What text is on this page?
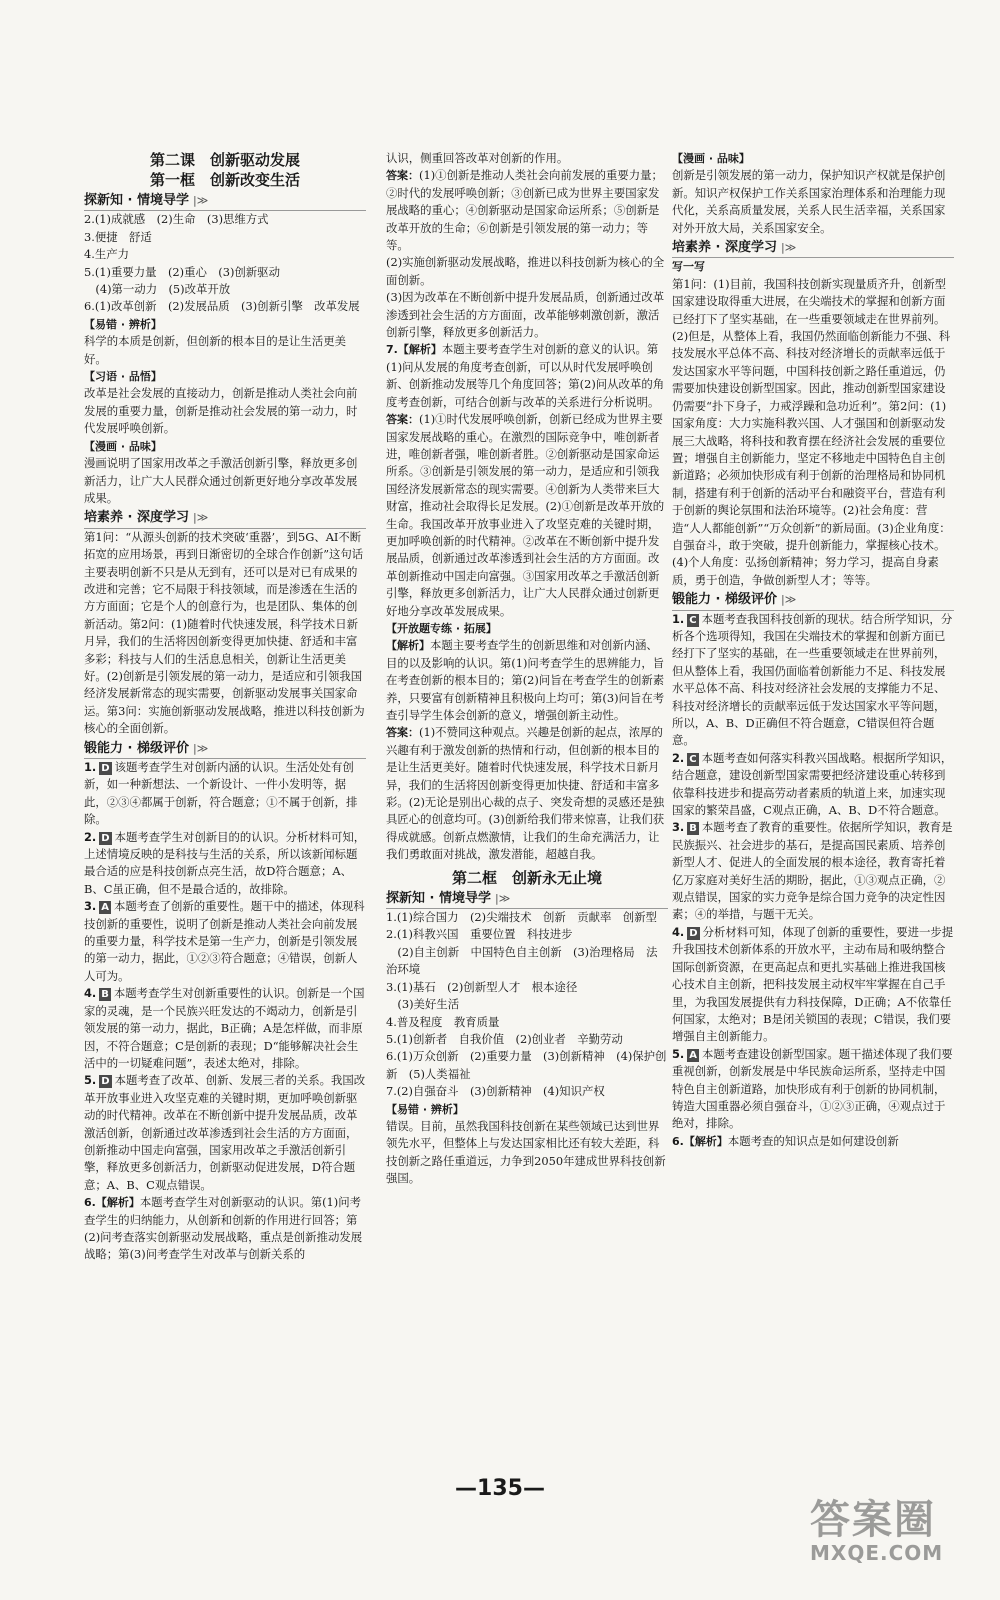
第二课　创新驱动发展
第一框　创新改变生活
探新知 · 情境导学 |≫

2.(1)成就感　(2)生命　(3)思维方式

3.便捷　舒适

4.生产力

5.(1)重要力量　(2)重心　(3)创新驱动

　(4)第一动力　(5)改革开放

6.(1)改革创新　(2)发展品质　(3)创新引擎　改革发展

【易错 · 辨析】

科学的本质是创新，但创新的根本目的是让生活更美好。

【习语 · 品悟】

改革是社会发展的直接动力，创新是推动人类社会向前发展的重要力量，创新是推动社会发展的第一动力，时代发展呼唤创新。

【漫画 · 品味】

漫画说明了国家用改革之手激活创新引擎，释放更多创新活力，让广大人民群众通过创新更好地分享改革发展成果。

培素养 · 深度学习 |≫

第1问：“从源头创新的技术突破‘重器’，到5G、AI不断拓宽的应用场景，再到日渐密切的全球合作创新”这句话主要表明创新不只是从无到有，还可以是对已有成果的改进和完善；它不局限于科技领域，而是渗透在生活的方方面面；它是个人的创意行为，也是团队、集体的创新活动。第2问：(1)随着时代快速发展，科学技术日新月异，我们的生活将因创新变得更加快捷、舒适和丰富多彩；科技与人们的生活息息相关，创新让生活更美好。(2)创新是引领发展的第一动力，是适应和引领我国经济发展新常态的现实需要，创新驱动发展事关国家命运。第3问：实施创新驱动发展战略，推进以科技创新为核心的全面创新。

锻能力 · 梯级评价 |≫

1. D 该题考查学生对创新内涵的认识。生活处处有创新，如一种新想法、一个新设计、一件小发明等，据此，②③④都属于创新，符合题意；①不属于创新，排除。

2. D 本题考查学生对创新目的的认识。分析材料可知，上述情境反映的是科技与生活的关系，所以该新闻标题最合适的应是科技创新点亮生活，故D符合题意；A、B、C虽正确，但不是最合适的，故排除。

3. A 本题考查了创新的重要性。题干中的描述，体现科技创新的重要性，说明了创新是推动人类社会向前发展的重要力量，科学技术是第一生产力，创新是引领发展的第一动力，据此，①②③符合题意；④错误，创新人人可为。

4. B 本题考查学生对创新重要性的认识。创新是一个国家的灵魂，是一个民族兴旺发达的不竭动力，创新是引领发展的第一动力，据此，B正确；A是怎样做，而非原因，不符合题意；C是创新的表现；D“能够解决社会生活中的一切疑难问题”，表述太绝对，排除。

5. D 本题考查了改革、创新、发展三者的关系。我国改革开放事业进入攻坚克难的关键时期，更加呼唤创新驱动的时代精神。改革在不断创新中提升发展品质，改革激活创新，创新通过改革渗透到社会生活的方方面面，创新推动中国走向富强，国家用改革之手激活创新引擎，释放更多创新活力，创新驱动促进发展，D符合题意；A、B、C观点错误。

6.【解析】本题考查学生对创新驱动的认识。第(1)问考查学生的归纳能力，从创新和创新的作用进行回答；第(2)问考查落实创新驱动发展战略，重点是创新推动发展战略；第(3)问考查学生对改革与创新关系的

认识，侧重回答改革对创新的作用。

答案：(1)①创新是推动人类社会向前发展的重要力量；②时代的发展呼唤创新；③创新已成为世界主要国家发展战略的重心；④创新驱动是国家命运所系；⑤创新是改革开放的生命；⑥创新是引领发展的第一动力；等等。

(2)实施创新驱动发展战略，推进以科技创新为核心的全面创新。

(3)因为改革在不断创新中提升发展品质，创新通过改革渗透到社会生活的方方面面，改革能够刺激创新，激活创新引擎，释放更多创新活力。

7.【解析】本题主要考查学生对创新的意义的认识。第(1)问从发展的角度考查创新，可以从时代发展呼唤创新、创新推动发展等几个角度回答；第(2)问从改革的角度考查创新，可结合创新与改革的关系进行分析说明。

答案：(1)①时代发展呼唤创新，创新已经成为世界主要国家发展战略的重心。在激烈的国际竞争中，唯创新者进，唯创新者强，唯创新者胜。②创新驱动是国家命运所系。③创新是引领发展的第一动力，是适应和引领我国经济发展新常态的现实需要。④创新为人类带来巨大财富，推动社会取得长足发展。(2)①创新是改革开放的生命。我国改革开放事业进入了攻坚克难的关键时期，更加呼唤创新的时代精神。②改革在不断创新中提升发展品质，创新通过改革渗透到社会生活的方方面面。改革创新推动中国走向富强。③国家用改革之手激活创新引擎，释放更多创新活力，让广大人民群众通过创新更好地分享改革发展成果。

【开放题专练 · 拓展】

【解析】本题主要考查学生的创新思维和对创新内涵、目的以及影响的认识。第(1)问考查学生的思辨能力，旨在考查创新的根本目的；第(2)问旨在考查学生的创新素养，只要富有创新精神且积极向上均可；第(3)问旨在考查引导学生体会创新的意义，增强创新主动性。

答案：(1)不赞同这种观点。兴趣是创新的起点，浓厚的兴趣有利于激发创新的热情和行动，但创新的根本目的是让生活更美好。随着时代快速发展，科学技术日新月异，我们的生活将因创新变得更加快捷、舒适和丰富多彩。(2)无论是别出心裁的点子、突发奇想的灵感还是独具匠心的创意均可。(3)创新给我们带来惊喜，让我们获得成就感。创新点燃激情，让我们的生命充满活力，让我们勇敢面对挑战，激发潜能，超越自我。

第二框　创新永无止境
探新知 · 情境导学 |≫

1.(1)综合国力　(2)尖端技术　创新　贡献率　创新型

2.(1)科教兴国　重要位置　科技进步

　(2)自主创新　中国特色自主创新　(3)治理格局　法治环境

3.(1)基石　(2)创新型人才　根本途径

　(3)美好生活

4.普及程度　教育质量

5.(1)创新者　自我价值　(2)创业者　辛勤劳动

6.(1)万众创新　(2)重要力量　(3)创新精神　(4)保护创新　(5)人类福祉

7.(2)自强奋斗　(3)创新精神　(4)知识产权

【易错 · 辨析】

错误。目前，虽然我国科技创新在某些领域已达到世界领先水平，但整体上与发达国家相比还有较大差距，科技创新之路任重道远，力争到2050年建成世界科技创新强国。

【漫画 · 品味】

创新是引领发展的第一动力，保护知识产权就是保护创新。知识产权保护工作关系国家治理体系和治理能力现代化，关系高质量发展，关系人民生活幸福，关系国家对外开放大局，关系国家安全。

培素养 · 深度学习 |≫
写一写

第1问：(1)目前，我国科技创新实现量质齐升，创新型国家建设取得重大进展，在尖端技术的掌握和创新方面已经打下了坚实基础，在一些重要领域走在世界前列。(2)但是，从整体上看，我国仍然面临创新能力不强、科技发展水平总体不高、科技对经济增长的贡献率远低于发达国家水平等问题，中国科技创新之路任重道远，仍需要加快建设创新型国家。因此，推动创新型国家建设仍需要“扑下身子，力戒浮躁和急功近利”。第2问：(1)国家角度：大力实施科教兴国、人才强国和创新驱动发展三大战略，将科技和教育摆在经济社会发展的重要位置；增强自主创新能力，坚定不移地走中国特色自主创新道路；必须加快形成有利于创新的治理格局和协同机制，搭建有利于创新的活动平台和融资平台，营造有利于创新的舆论氛围和法治环境等。(2)社会角度：营造“人人都能创新”“万众创新”的新局面。(3)企业角度：自强奋斗，敢于突破，提升创新能力，掌握核心技术。(4)个人角度：弘扬创新精神；努力学习，提高自身素质，勇于创造，争做创新型人才；等等。

锻能力 · 梯级评价 |≫

1. C 本题考查我国科技创新的现状。结合所学知识，分析各个选项得知，我国在尖端技术的掌握和创新方面已经打下了坚实的基础，在一些重要领域走在世界前列，但从整体上看，我国仍面临着创新能力不足、科技发展水平总体不高、科技对经济社会发展的支撑能力不足、科技对经济增长的贡献率远低于发达国家水平等问题，所以，A、B、D正确但不符合题意，C错误但符合题意。

2. C 本题考查如何落实科教兴国战略。根据所学知识，结合题意，建设创新型国家需要把经济建设重心转移到依靠科技进步和提高劳动者素质的轨道上来，加速实现国家的繁荣昌盛，C观点正确，A、B、D不符合题意。

3. B 本题考查了教育的重要性。依据所学知识，教育是民族振兴、社会进步的基石，是提高国民素质、培养创新型人才、促进人的全面发展的根本途径，教育寄托着亿万家庭对美好生活的期盼，据此，①③观点正确，②观点错误，国家的实力竞争是综合国力竞争的决定性因素；④的举措，与题干无关。

4. D 分析材料可知，体现了创新的重要性，要进一步提升我国技术创新体系的开放水平，主动布局和吸纳整合国际创新资源，在更高起点和更扎实基础上推进我国核心技术自主创新，把科技发展主动权牢牢掌握在自己手里，为我国发展提供有力科技保障，D正确；A不依靠任何国家，太绝对；B是闭关锁国的表现；C错误，我们要增强自主创新能力。

5. A 本题考查建设创新型国家。题干描述体现了我们要重视创新，创新发展是中华民族命运所系，坚持走中国特色自主创新道路，加快形成有利于创新的协同机制，铸造大国重器必须自强奋斗，①②③正确，④观点过于绝对，排除。

6.【解析】本题考查的知识点是如何建设创新

—135—
答案圈
MXQE.COM
